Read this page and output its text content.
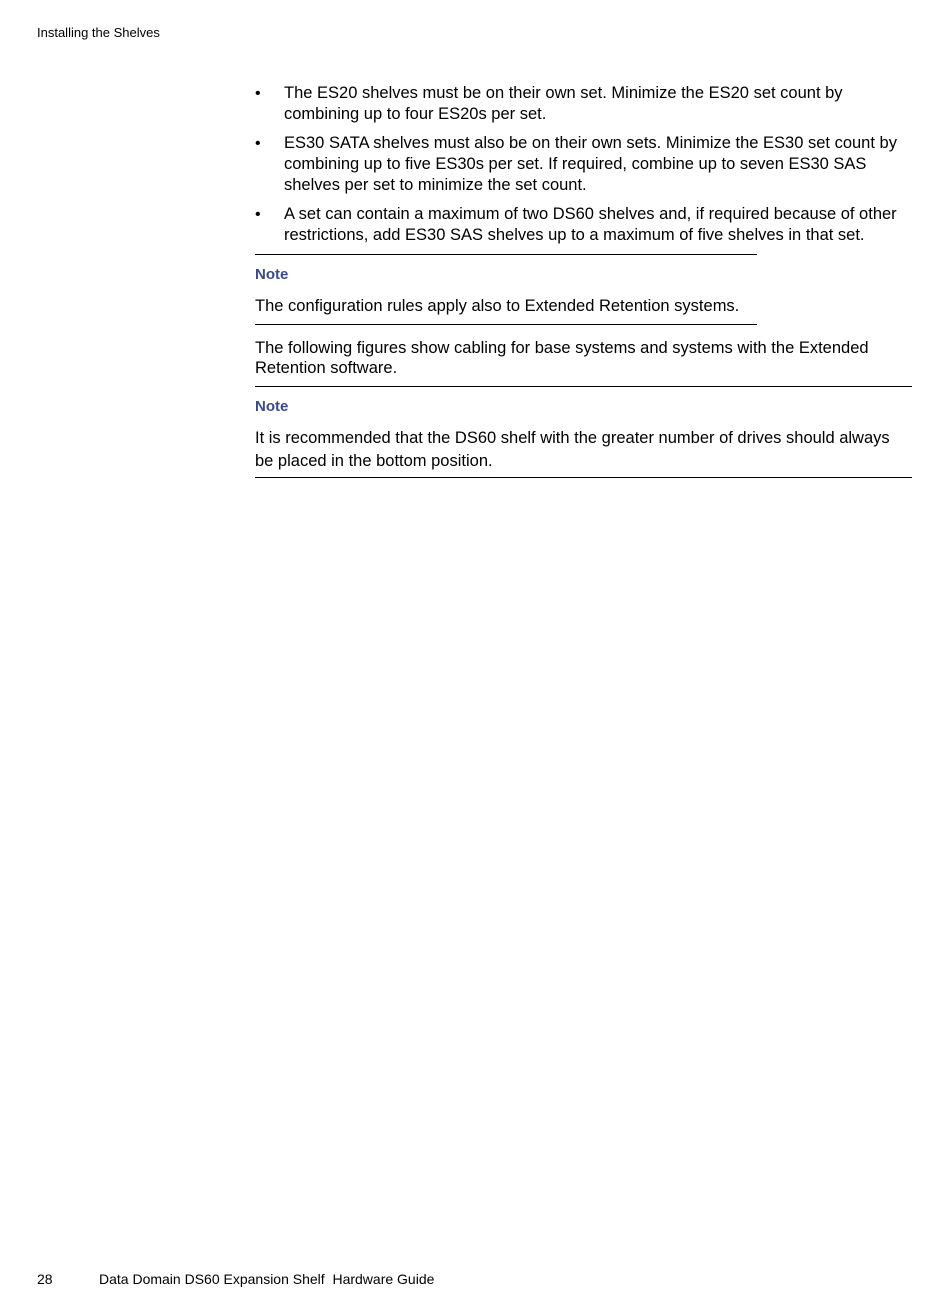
Installing the Shelves
• The ES20 shelves must be on their own set. Minimize the ES20 set count by combining up to four ES20s per set.
• ES30 SATA shelves must also be on their own sets. Minimize the ES30 set count by combining up to five ES30s per set. If required, combine up to seven ES30 SAS shelves per set to minimize the set count.
• A set can contain a maximum of two DS60 shelves and, if required because of other restrictions, add ES30 SAS shelves up to a maximum of five shelves in that set.
Note
The configuration rules apply also to Extended Retention systems.
The following figures show cabling for base systems and systems with the Extended Retention software.
Note
It is recommended that the DS60 shelf with the greater number of drives should always be placed in the bottom position.
28	Data Domain DS60 Expansion Shelf  Hardware Guide
